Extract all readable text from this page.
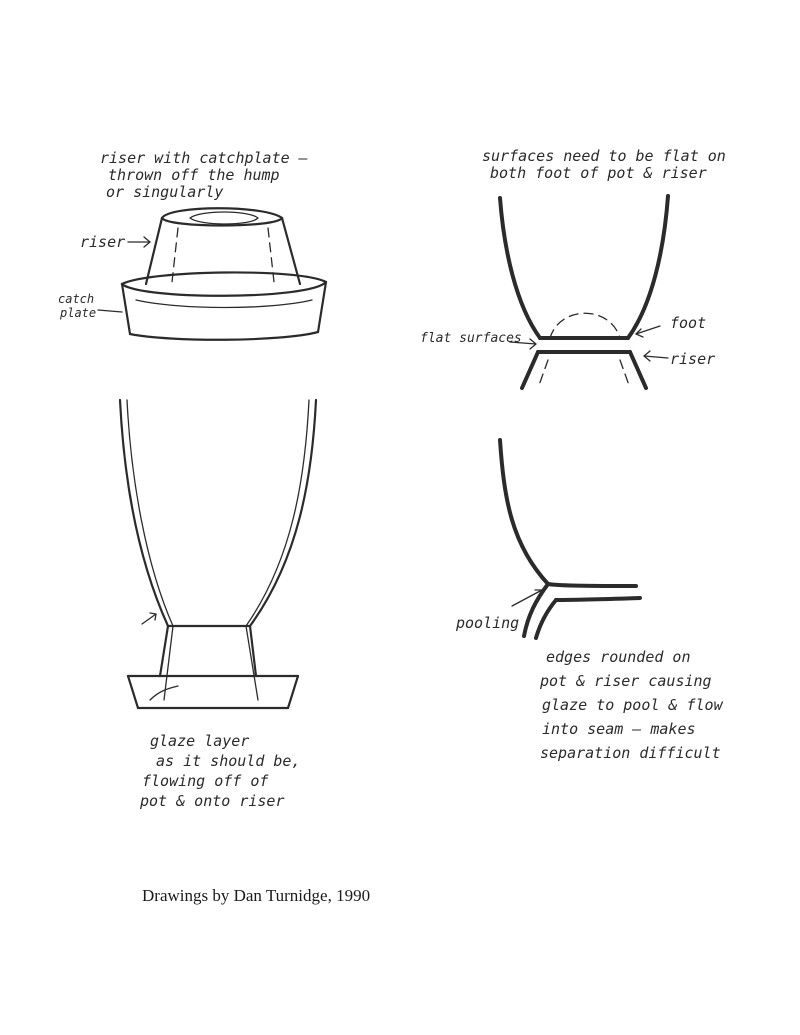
riser with catchplate –
thrown off the hump
or singularly
riser
catch
plate
surfaces need to be flat on
both foot of pot & riser
flat surfaces
foot
riser
glaze layer
as it should be,
flowing off of
pot & onto riser
pooling
edges rounded on
pot & riser causing
glaze to pool & flow
into seam – makes
separation difficult
Drawings by Dan Turnidge, 1990
